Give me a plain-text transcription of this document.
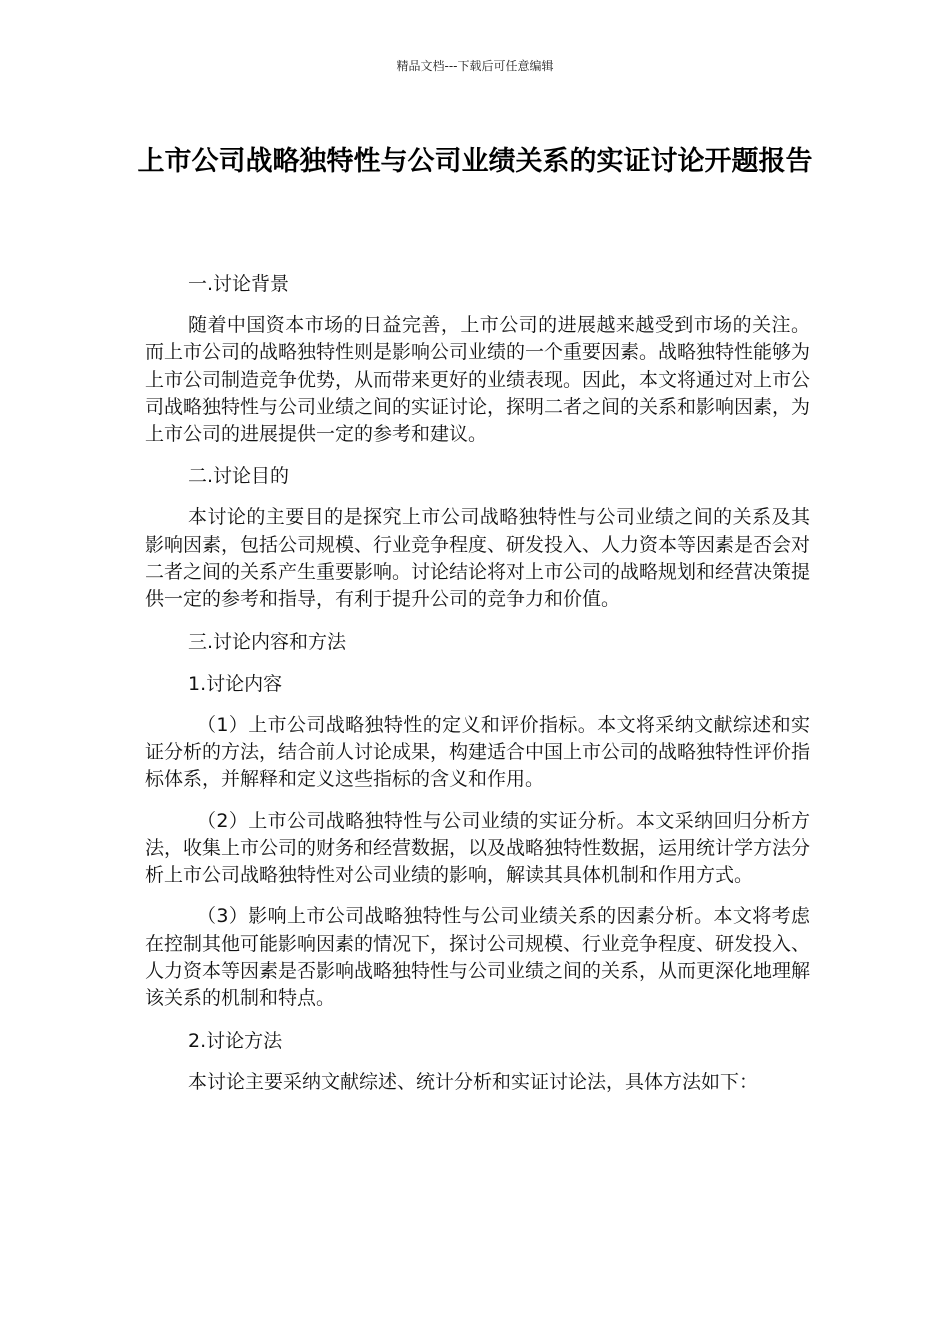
精品文档---下载后可任意编辑
上市公司战略独特性与公司业绩关系的实证讨论开题报告

一.讨论背景

随着中国资本市场的日益完善，上市公司的进展越来越受到市场的关注。而上市公司的战略独特性则是影响公司业绩的一个重要因素。战略独特性能够为上市公司制造竞争优势，从而带来更好的业绩表现。因此，本文将通过对上市公司战略独特性与公司业绩之间的实证讨论，探明二者之间的关系和影响因素，为上市公司的进展提供一定的参考和建议。

二.讨论目的

本讨论的主要目的是探究上市公司战略独特性与公司业绩之间的关系及其影响因素，包括公司规模、行业竞争程度、研发投入、人力资本等因素是否会对二者之间的关系产生重要影响。讨论结论将对上市公司的战略规划和经营决策提供一定的参考和指导，有利于提升公司的竞争力和价值。

三.讨论内容和方法

1.讨论内容

（1）上市公司战略独特性的定义和评价指标。本文将采纳文献综述和实证分析的方法，结合前人讨论成果，构建适合中国上市公司的战略独特性评价指标体系，并解释和定义这些指标的含义和作用。

（2）上市公司战略独特性与公司业绩的实证分析。本文采纳回归分析方法，收集上市公司的财务和经营数据，以及战略独特性数据，运用统计学方法分析上市公司战略独特性对公司业绩的影响，解读其具体机制和作用方式。

（3）影响上市公司战略独特性与公司业绩关系的因素分析。本文将考虑在控制其他可能影响因素的情况下，探讨公司规模、行业竞争程度、研发投入、人力资本等因素是否影响战略独特性与公司业绩之间的关系，从而更深化地理解该关系的机制和特点。

2.讨论方法

本讨论主要采纳文献综述、统计分析和实证讨论法，具体方法如下：
